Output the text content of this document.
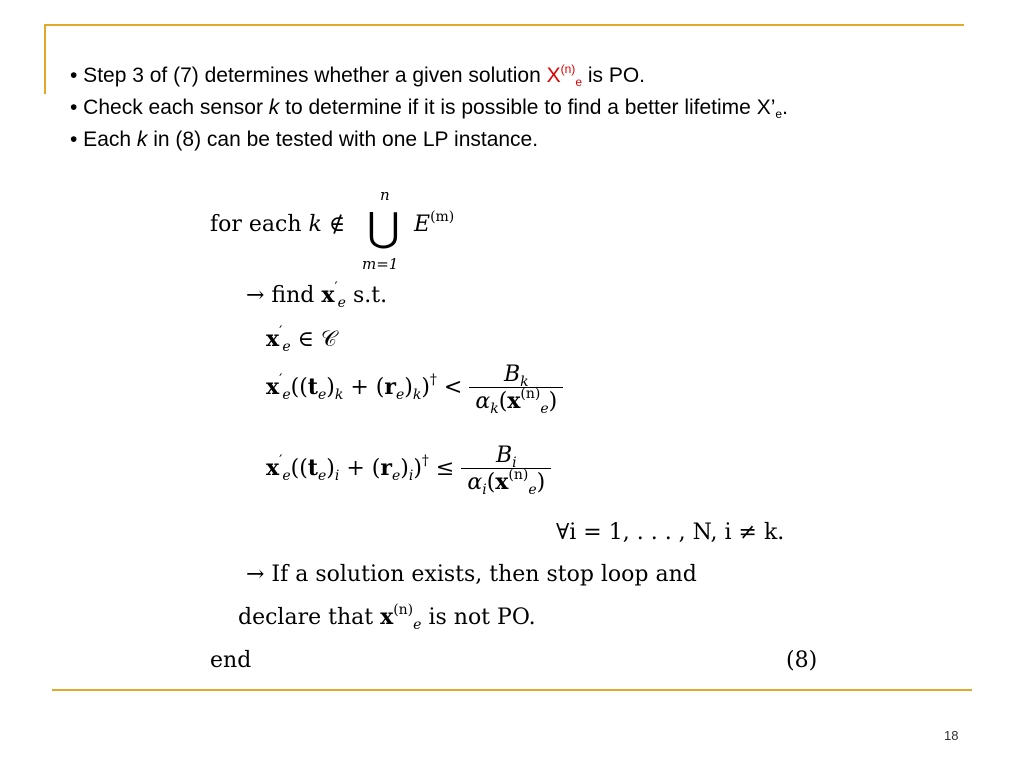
• Step 3 of (7) determines whether a given solution $X^{(n)}_e$ is PO.
• Check each sensor k to determine if it is possible to find a better lifetime $X’_e$.
• Each k in (8) can be tested with one LP instance.
for each k ∉
n
⋃
m=1
$E^{(m)}$
→ find $x'_e$ s.t.
$x'_e$ ∈ 𝒞
$x'_e((t_e)_k + (r_e)_k)^\dagger < \frac{B_k}{\alpha_k(x^{(n)}_e)}$
$x'_e((t_e)_i + (r_e)_i)^\dagger \le \frac{B_i}{\alpha_i(x^{(n)}_e)}$
∀i = 1, . . . , N, i ≠ k.
→ If a solution exists, then stop loop and
declare that $x^{(n)}_e$ is not PO.
end	(8)
18
